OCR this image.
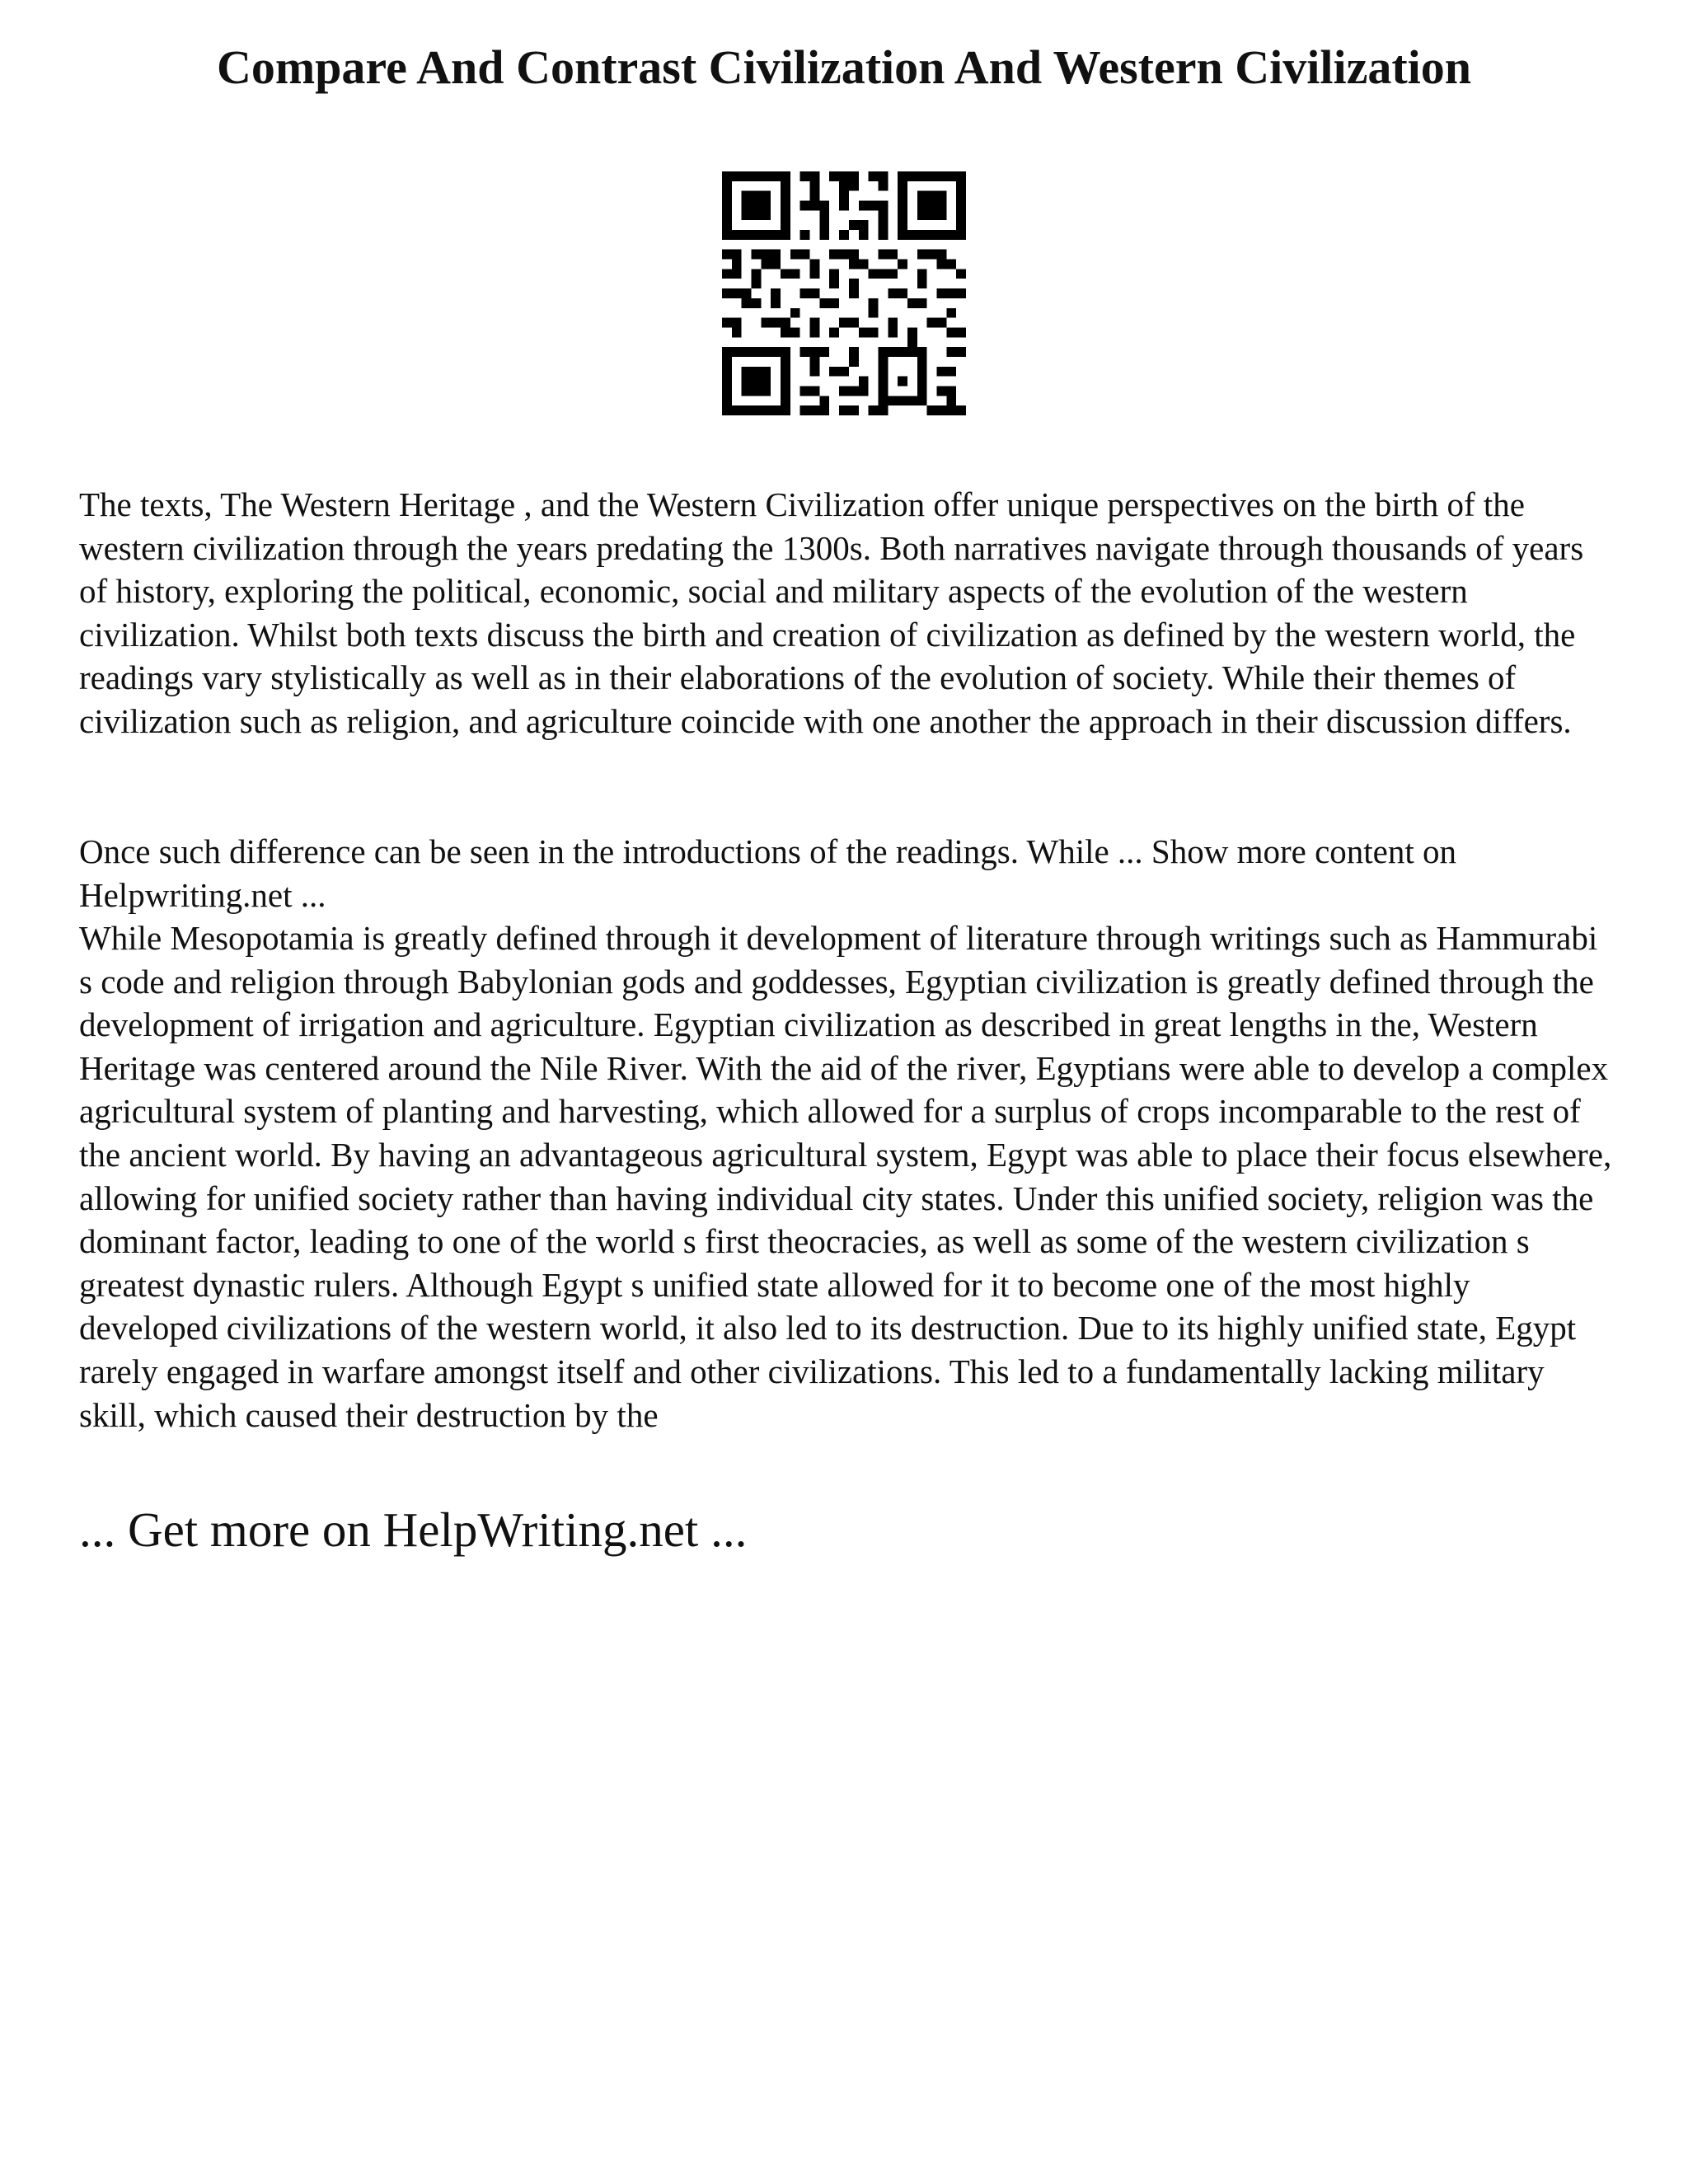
Compare And Contrast Civilization And Western Civilization

The texts, The Western Heritage , and the Western Civilization offer unique perspectives on the birth of the western civilization through the years predating the 1300s. Both narratives navigate through thousands of years of history, exploring the political, economic, social and military aspects of the evolution of the western civilization. Whilst both texts discuss the birth and creation of civilization as defined by the western world, the readings vary stylistically as well as in their elaborations of the evolution of society. While their themes of civilization such as religion, and agriculture coincide with one another the approach in their discussion differs.

Once such difference can be seen in the introductions of the readings. While ... Show more content on Helpwriting.net ...

While Mesopotamia is greatly defined through it development of literature through writings such as Hammurabi s code and religion through Babylonian gods and goddesses, Egyptian civilization is greatly defined through the development of irrigation and agriculture. Egyptian civilization as described in great lengths in the, Western Heritage was centered around the Nile River. With the aid of the river, Egyptians were able to develop a complex agricultural system of planting and harvesting, which allowed for a surplus of crops incomparable to the rest of the ancient world. By having an advantageous agricultural system, Egypt was able to place their focus elsewhere, allowing for unified society rather than having individual city states. Under this unified society, religion was the dominant factor, leading to one of the world s first theocracies, as well as some of the western civilization s greatest dynastic rulers. Although Egypt s unified state allowed for it to become one of the most highly developed civilizations of the western world, it also led to its destruction. Due to its highly unified state, Egypt rarely engaged in warfare amongst itself and other civilizations. This led to a fundamentally lacking military skill, which caused their destruction by the

... Get more on HelpWriting.net ...
